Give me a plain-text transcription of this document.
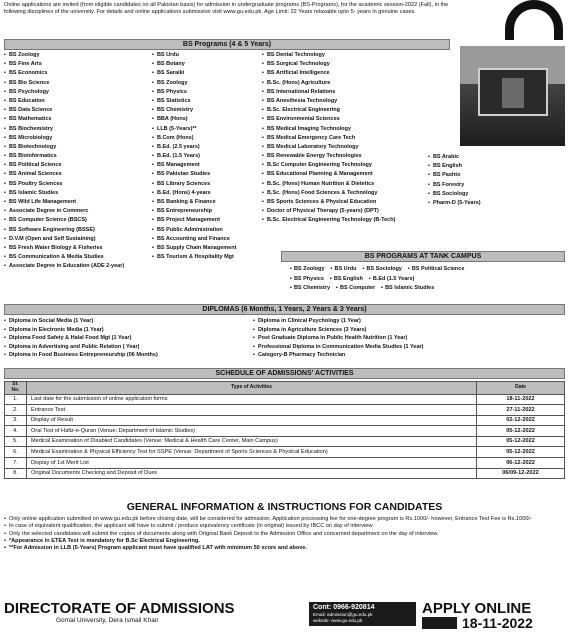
Online applications are invited (from eligible candidates on all Pakistan basis) for admission in undergraduate programs (BS-Programs), for the academic session-2022 (Fall), in the following disciplines of the university. For details and online applications submission visit www.gu.edu.pk. Age Limit: 22 Years relaxable upto 5- years in genuine cases.
BS Programs (4 & 5 Years)
▪ BS Zoology
▪ BS Fine Arts
▪ BS Economics
▪ BS Bio Science
▪ BS Psychology
▪ BS Education
▪ BS Data Science
▪ BS Mathematics
▪ BS Biochemistry
▪ BS Microbiology
▪ BS Biotechnology
▪ BS Bioinformatics
▪ BS Political Science
▪ BS Animal Sciences
▪ BS Poultry Sciences
▪ BS Islamic Studies
▪ BS Wild Life Management
▪ Associate Degree in Commerc
▪ BS Computer Science (BSCS)
▪ BS Software Engineering (BSSE)
▪ D.V.M (Open and Self Sustaining)
▪ BS Fresh Water Biology & Fisheries
▪ BS Communication & Media Studies
▪ Associate Degree in Education (ADE 2-year)
▪ BS Urdu
▪ BS Botany
▪ BS Saraiki
▪ BS Zoology
▪ BS Physics
▪ BS Statistics
▪ BS Chemistry
▪ BBA (Hons)
▪ LLB (5-Years)**
▪ B.Com (Hons)
▪ B.Ed. (2.5 years)
▪ B.Ed. (1.5 Years)
▪ BS Management
▪ BS Pakistan Studies
▪ BS Library Sciences
▪ B.Ed. (Hons) 4-years
▪ BS Banking & Finance
▪ BS Entrepreneurship
▪ BS Project Management
▪ BS Public Administration
▪ BS Accounting and Finance
▪ BS Supply Chain Management
▪ BS Tourism & Hospitality Mgt
▪ BS Dental Technology
▪ BS Surgical Technology
▪ BS Artificial Intelligence
▪ B.Sc. (Hons) Agriculture
▪ BS International Relations
▪ BS Anesthesia Technology
▪ B.Sc. Electrical Engineering
▪ BS Environmental Sciences
▪ BS Medical Imaging Technology
▪ BS Medical Emergency Care Tech
▪ BS Medical Laboratory Technology
▪ BS Renewable Energy Technologies
▪ B.Sc Computer Engineering Technology
▪ BS Educational Planning & Management
▪ B.Sc. (Hons) Human Nutrition & Dietetics
▪ B.Sc. (Hons) Food Sciences & Technology
▪ BS Sports Sciences & Physical Education
▪ Doctor of Physical Therapy (5-years) (DPT)
▪ B.Sc. Electrical Engineering Technology (B-Tech)
▪ BS Arabic
▪ BS English
▪ BS Pashto
▪ BS Forestry
▪ BS Sociology
▪ Pharm-D (5-Years)
BS PROGRAMS AT TANK CAMPUS
▪ BS Zoology ▪ BS Urdu ▪ BS Sociology ▪ BS Political Science
▪ BS Physics ▪ BS English ▪ B.Ed (1.5 Years)
▪ BS Chemistry ▪ BS Computer ▪ BS Islamic Studies
DIPLOMAS (6 Months, 1 Years, 2 Years & 3 Years)
▪ Diploma in Social Media (1 Year)
▪ Diploma in Electronic Media (1 Year)
▪ Diploma Food Safety & Halal Food Mgt (1 Year)
▪ Diploma in Advertising and Public Relation ( Year)
▪ Diploma in Food Business Entrepreneurship (06 Months)
▪ Diploma in Clinical Psychology (1 Year)
▪ Diploma in Agriculture Sciences (3 Years)
▪ Post Graduate Diploma in Public Health Nutrition (1 Year)
▪ Professional Diploma in Communication Media Studies (1 Year)
▪ Category-B Pharmacy Technician
SCHEDULE OF ADMISSIONS' ACTIVITIES
Sr. No.	Type of Activities	Date
1.	Last date for the submission of online application forms	18-11-2022
2.	Entrance Test	27-11-2022
3.	Display of Result	02-12-2022
4.	Oral Test of Hafiz-e-Quran (Venue: Department of Islamic Studies)	05-12-2022
5.	Medical Examination of Disabled Candidates (Venue: Medical & Health Care Center, Main Campus)	05-12-2022
6.	Medical Examination & Physical Efficiency Test for SSPE (Venue: Department of Sports Sciences & Physical Education)	05-12-2022
7.	Display of 1st Merit List	06-12-2022
8.	Original Documents Checking and Deposit of Dues	06/09-12-2022
GENERAL INFORMATION & INSTRUCTIONS FOR CANDIDATES
• Only online application submitted on www.gu.edu.pk before closing date, will be considered for admission. Application processing fee for one-degree program is Rs.1000/- however, Entrance Test Fee is Rs.1000/-
• In case of equivalent qualification, the applicant will have to submit / produce equivalency certificate (in original) issued by IBCC on day of interview.
• Only the selected candidates will submit the copies of documents along with Original Bank Deposit to the Admission Office and concerned department on the day of interview.
• *Appearance in ETEA Test is mandatory for B.Sc Electrical Engineering.
• **For Admission in LLB (5-Years) Program applicant must have qualified LAT with minimum 50 score and above.
DIRECTORATE OF ADMISSIONS
Gomal University, Dera Ismail Khan
Cont: 0966-920814
Email: admission@gu.edu.pk
website: www.gu.edu.pk
APPLY ONLINE
18-11-2022
